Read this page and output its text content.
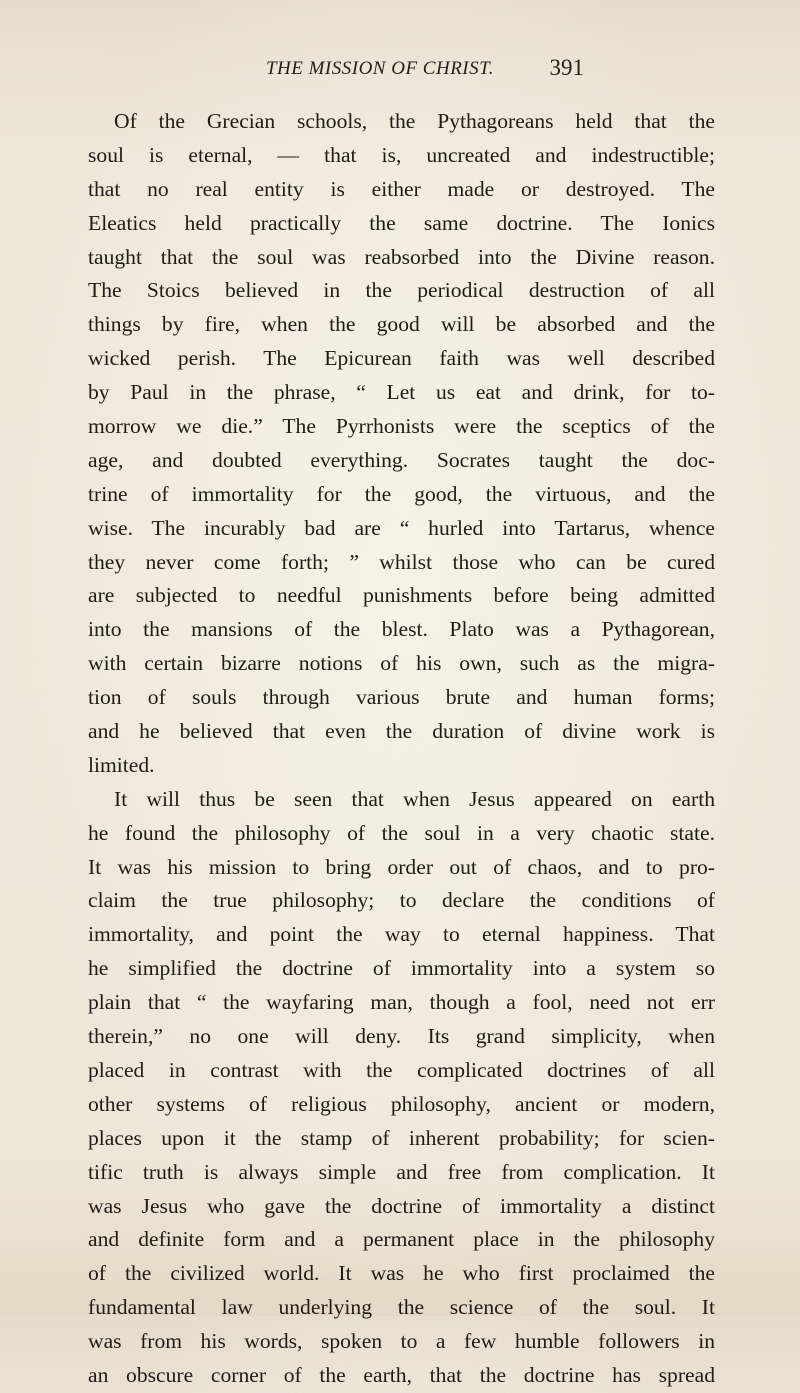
THE MISSION OF CHRIST.	391
Of the Grecian schools, the Pythagoreans held that the
soul is eternal, — that is, uncreated and indestructible;
that no real entity is either made or destroyed. The
Eleatics held practically the same doctrine. The Ionics
taught that the soul was reabsorbed into the Divine reason.
The Stoics believed in the periodical destruction of all
things by fire, when the good will be absorbed and the
wicked perish. The Epicurean faith was well described
by Paul in the phrase, “ Let us eat and drink, for to-
morrow we die.” The Pyrrhonists were the sceptics of the
age, and doubted everything. Socrates taught the doc-
trine of immortality for the good, the virtuous, and the
wise. The incurably bad are “ hurled into Tartarus, whence
they never come forth; ” whilst those who can be cured
are subjected to needful punishments before being admitted
into the mansions of the blest. Plato was a Pythagorean,
with certain bizarre notions of his own, such as the migra-
tion of souls through various brute and human forms;
and he believed that even the duration of divine work is
limited.
It will thus be seen that when Jesus appeared on earth
he found the philosophy of the soul in a very chaotic state.
It was his mission to bring order out of chaos, and to pro-
claim the true philosophy; to declare the conditions of
immortality, and point the way to eternal happiness. That
he simplified the doctrine of immortality into a system so
plain that “ the wayfaring man, though a fool, need not err
therein,” no one will deny. Its grand simplicity, when
placed in contrast with the complicated doctrines of all
other systems of religious philosophy, ancient or modern,
places upon it the stamp of inherent probability; for scien-
tific truth is always simple and free from complication. It
was Jesus who gave the doctrine of immortality a distinct
and definite form and a permanent place in the philosophy
of the civilized world. It was he who first proclaimed the
fundamental law underlying the science of the soul. It
was from his words, spoken to a few humble followers in
an obscure corner of the earth, that the doctrine has spread
